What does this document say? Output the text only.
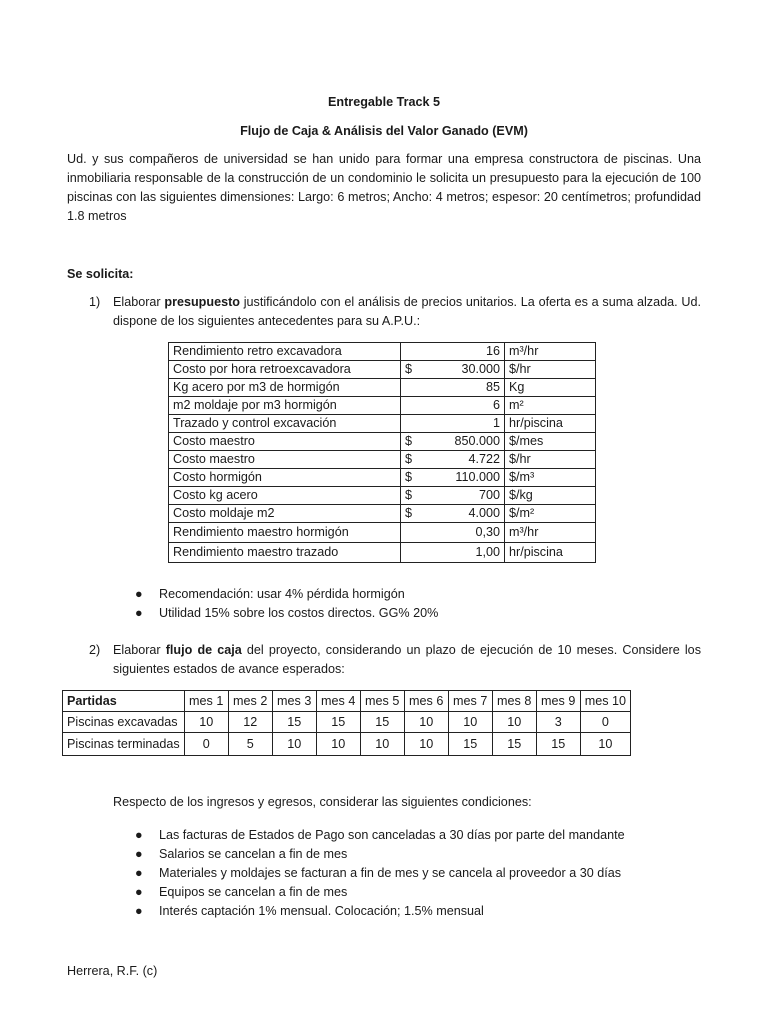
Entregable Track 5
Flujo de Caja & Análisis del Valor Ganado (EVM)
Ud. y sus compañeros de universidad se han unido para formar una empresa constructora de piscinas. Una inmobiliaria responsable de la construcción de un condominio le solicita un presupuesto para la ejecución de 100 piscinas con las siguientes dimensiones: Largo: 6 metros; Ancho: 4 metros; espesor: 20 centímetros; profundidad 1.8 metros
Se solicita:
1) Elaborar presupuesto justificándolo con el análisis de precios unitarios. La oferta es a suma alzada. Ud. dispone de los siguientes antecedentes para su A.P.U.:
Rendimiento retro excavadora	16	m³/hr
Costo por hora retroexcavadora	$ 30.000	$/hr
Kg acero por m3 de hormigón	85	Kg
m2 moldaje por m3 hormigón	6	m²
Trazado y control excavación	1	hr/piscina
Costo maestro	$ 850.000	$/mes
Costo maestro	$ 4.722	$/hr
Costo hormigón	$ 110.000	$/m³
Costo kg acero	$ 700	$/kg
Costo moldaje m2	$ 4.000	$/m²
Rendimiento maestro hormigón	0,30	m³/hr
Rendimiento maestro trazado	1,00	hr/piscina
● Recomendación: usar 4% pérdida hormigón
● Utilidad 15% sobre los costos directos. GG% 20%
2) Elaborar flujo de caja del proyecto, considerando un plazo de ejecución de 10 meses. Considere los siguientes estados de avance esperados:
Partidas	mes 1	mes 2	mes 3	mes 4	mes 5	mes 6	mes 7	mes 8	mes 9	mes 10
Piscinas excavadas	10	12	15	15	15	10	10	10	3	0
Piscinas terminadas	0	5	10	10	10	10	15	15	15	10
Respecto de los ingresos y egresos, considerar las siguientes condiciones:
● Las facturas de Estados de Pago son canceladas a 30 días por parte del mandante
● Salarios se cancelan a fin de mes
● Materiales y moldajes se facturan a fin de mes y se cancela al proveedor a 30 días
● Equipos se cancelan a fin de mes
● Interés captación 1% mensual. Colocación; 1.5% mensual
Herrera, R.F. (c)
